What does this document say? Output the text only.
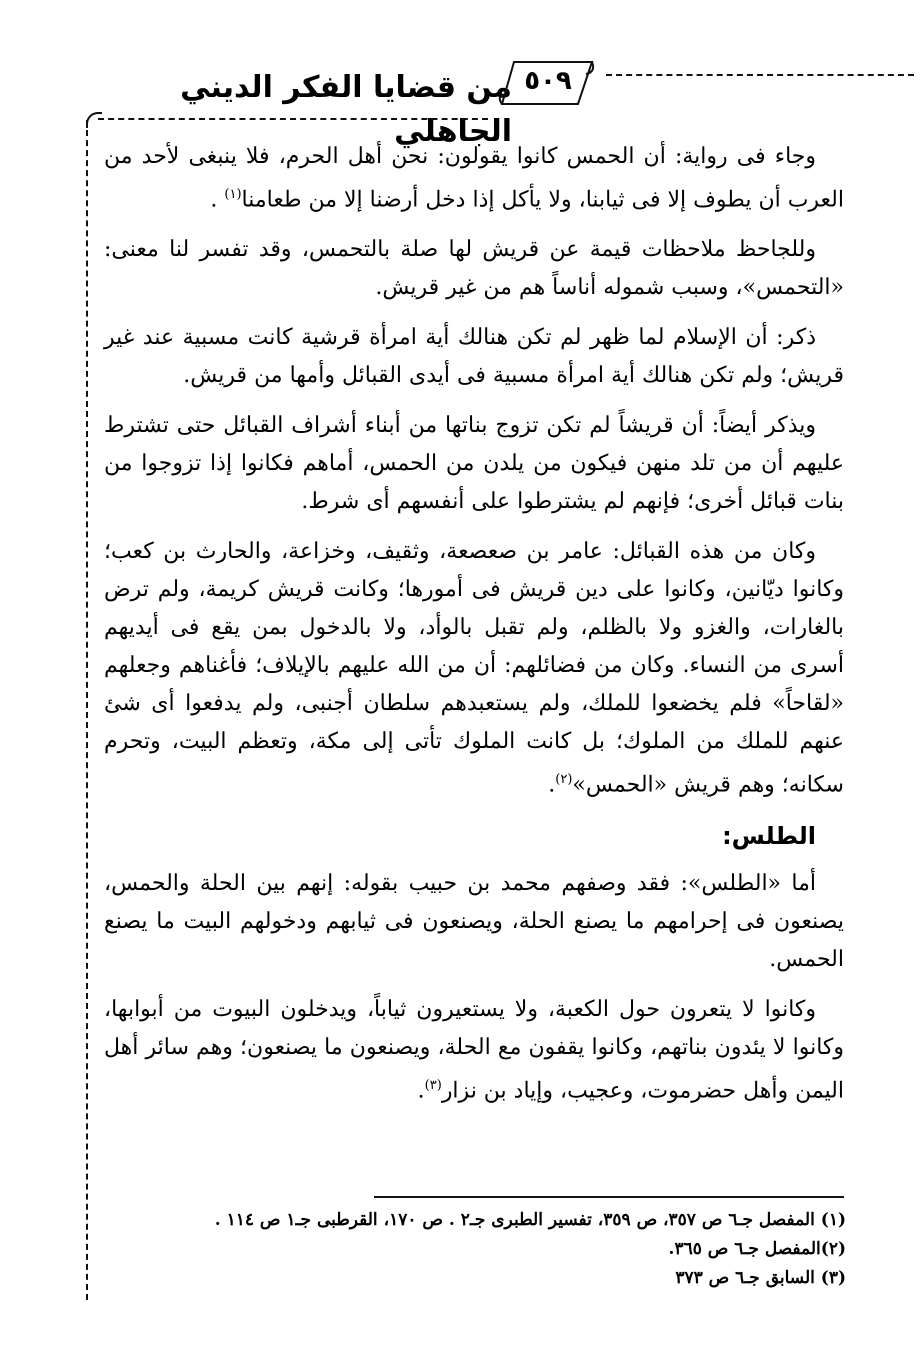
من قضايا الفكر الديني الجاهلي
٥٠٩

وجاء فى رواية: أن الحمس كانوا يقولون: نحن أهل الحرم، فلا ينبغى لأحد من العرب أن يطوف إلا فى ثيابنا، ولا يأكل إذا دخل أرضنا إلا من طعامنا$^{(١)}$ .

وللجاحظ ملاحظات قيمة عن قريش لها صلة بالتحمس، وقد تفسر لنا معنى: «التحمس»، وسبب شموله أناساً هم من غير قريش.

ذكر: أن الإسلام لما ظهر لم تكن هنالك أية امرأة قرشية كانت مسبية عند غير قريش؛ ولم تكن هنالك أية امرأة مسبية فى أيدى القبائل وأمها من قريش.

ويذكر أيضاً: أن قريشاً لم تكن تزوج بناتها من أبناء أشراف القبائل حتى تشترط عليهم أن من تلد منهن فيكون من يلدن من الحمس، أماهم فكانوا إذا تزوجوا من بنات قبائل أخرى؛ فإنهم لم يشترطوا على أنفسهم أى شرط.

وكان من هذه القبائل: عامر بن صعصعة، وثقيف، وخزاعة، والحارث بن كعب؛ وكانوا ديّانين، وكانوا على دين قريش فى أمورها؛ وكانت قريش كريمة، ولم ترض بالغارات، والغزو ولا بالظلم، ولم تقبل بالوأد، ولا بالدخول بمن يقع فى أيديهم أسرى من النساء. وكان من فضائلهم: أن من الله عليهم بالإيلاف؛ فأغناهم وجعلهم «لقاحاً» فلم يخضعوا للملك، ولم يستعبدهم سلطان أجنبى، ولم يدفعوا أى شئ عنهم للملك من الملوك؛ بل كانت الملوك تأتى إلى مكة، وتعظم البيت، وتحرم سكانه؛ وهم قريش «الحمس»$^{(٢)}$.

الطلس:

أما «الطلس»: فقد وصفهم محمد بن حبيب بقوله: إنهم بين الحلة والحمس، يصنعون فى إحرامهم ما يصنع الحلة، ويصنعون فى ثيابهم ودخولهم البيت ما يصنع الحمس.

وكانوا لا يتعرون حول الكعبة، ولا يستعيرون ثياباً، ويدخلون البيوت من أبوابها، وكانوا لا يئدون بناتهم، وكانوا يقفون مع الحلة، ويصنعون ما يصنعون؛ وهم سائر أهل اليمن وأهل حضرموت، وعجيب، وإياد بن نزار$^{(٣)}$.

(١) المفصل جـ٦ ص ٣٥٧، ص ٣٥٩، تفسير الطبرى جـ٢ . ص ١٧٠، القرطبى جـ١ ص ١١٤ .
(٢)المفصل جـ٦ ص ٣٦٥.
(٣) السابق جـ٦ ص ٣٧٣
